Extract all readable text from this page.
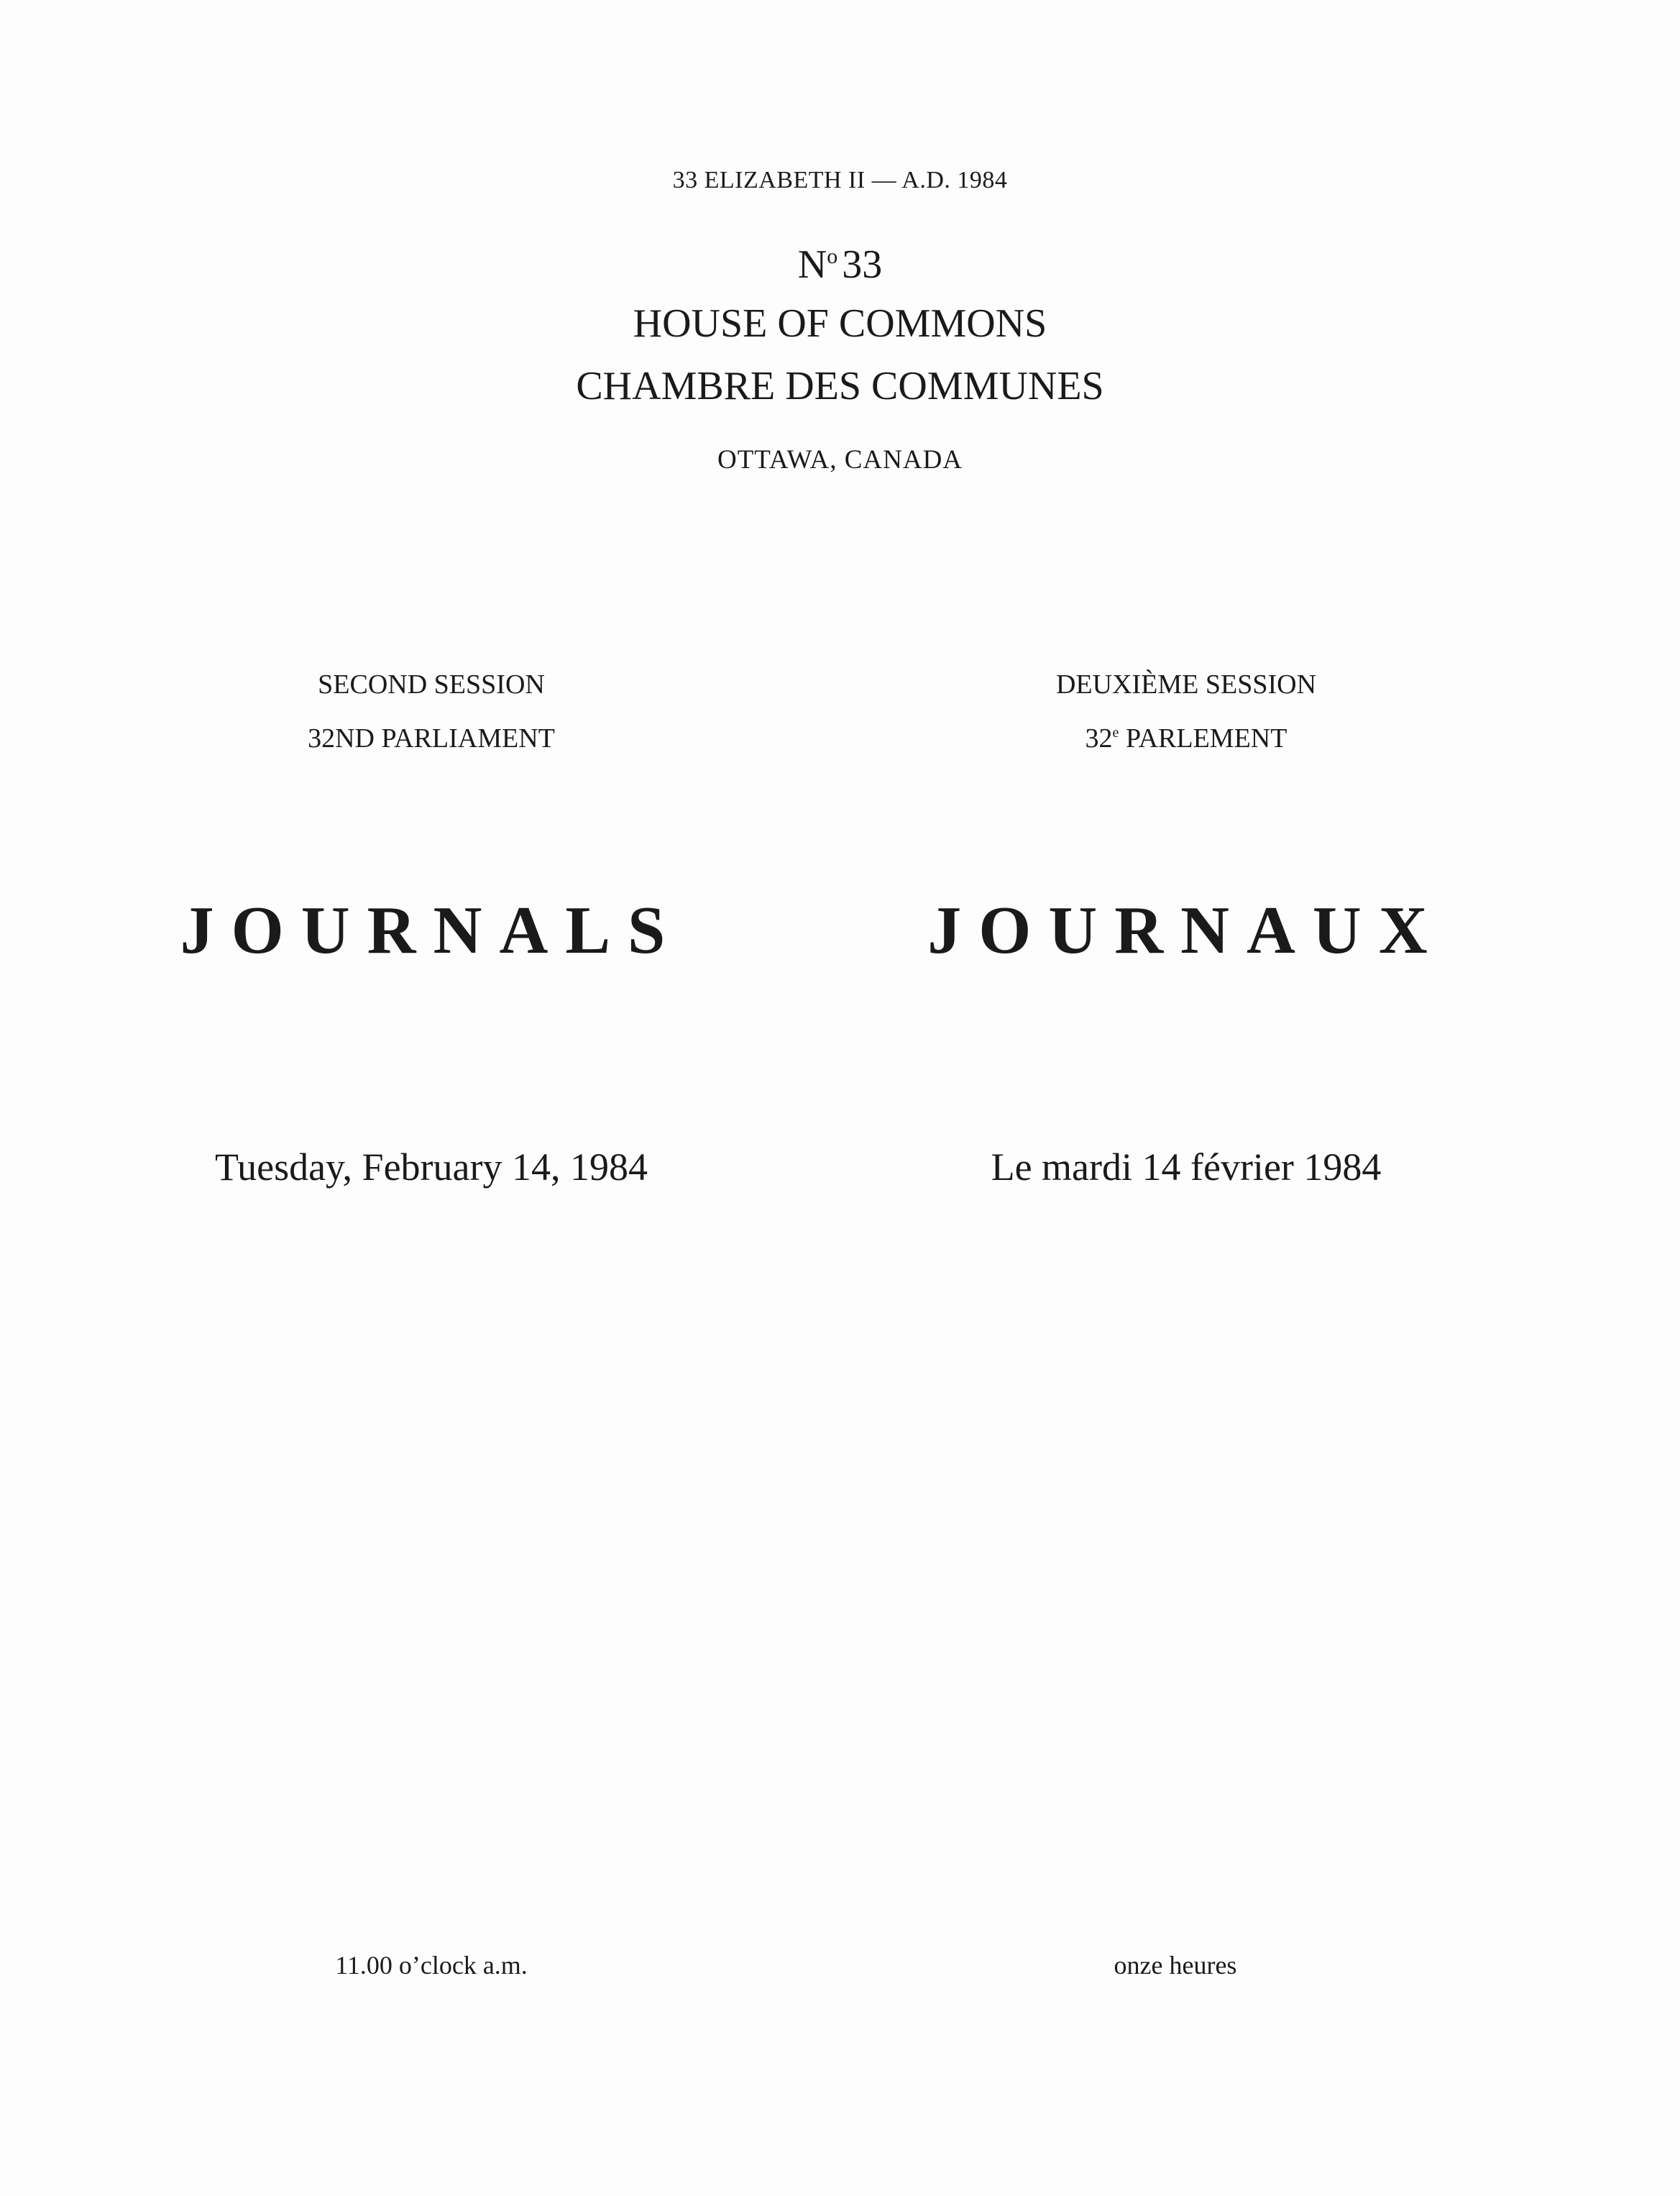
33 ELIZABETH II — A.D. 1984
$N^o$ 33
HOUSE OF COMMONS
CHAMBRE DES COMMUNES
OTTAWA, CANADA
SECOND SESSION
32ND PARLIAMENT
JOURNALS
Tuesday, February 14, 1984
11.00 o’clock a.m.
DEUXIÈME SESSION
32e PARLEMENT
JOURNAUX
Le mardi 14 février 1984
onze heures
